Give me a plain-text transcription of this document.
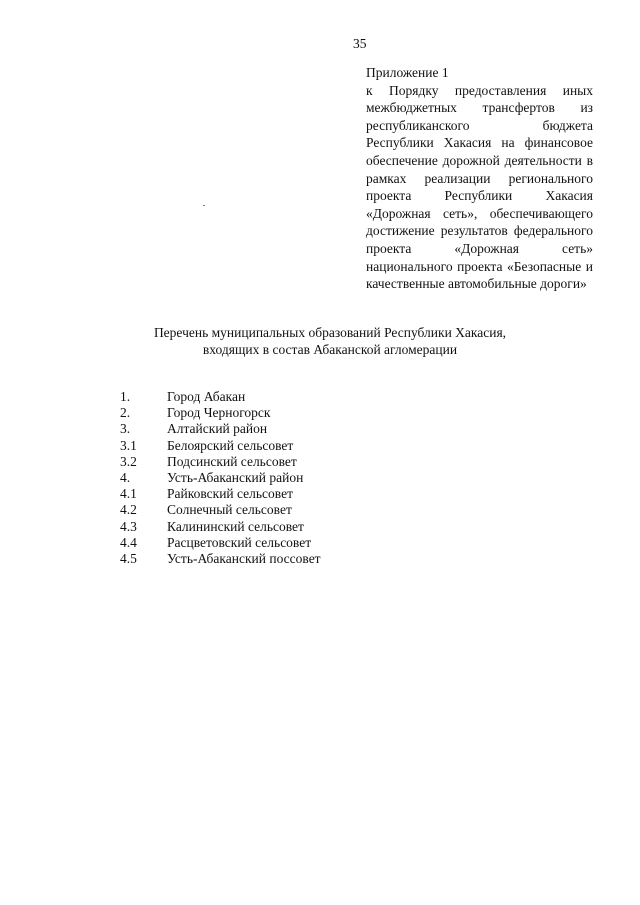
35

Приложение 1

к Порядку предоставления иных межбюджетных трансфертов из республиканского бюджета Республики Хакасия на финансовое обеспечение дорожной деятельности в рамках реализации регионального проекта Республики Хакасия «Дорожная сеть», обеспечивающего достижение результатов федерального проекта «Дорожная сеть» национального проекта «Безопасные и качественные автомобильные дороги»

Перечень муниципальных образований Республики Хакасия,
входящих в состав Абаканской агломерации
1.	Город Абакан
2.	Город Черногорск
3.	Алтайский район
3.1	Белоярский сельсовет
3.2	Подсинский сельсовет
4.	Усть-Абаканский район
4.1	Райковский сельсовет
4.2	Солнечный сельсовет
4.3	Калининский сельсовет
4.4	Расцветовский сельсовет
4.5	Усть-Абаканский поссовет
